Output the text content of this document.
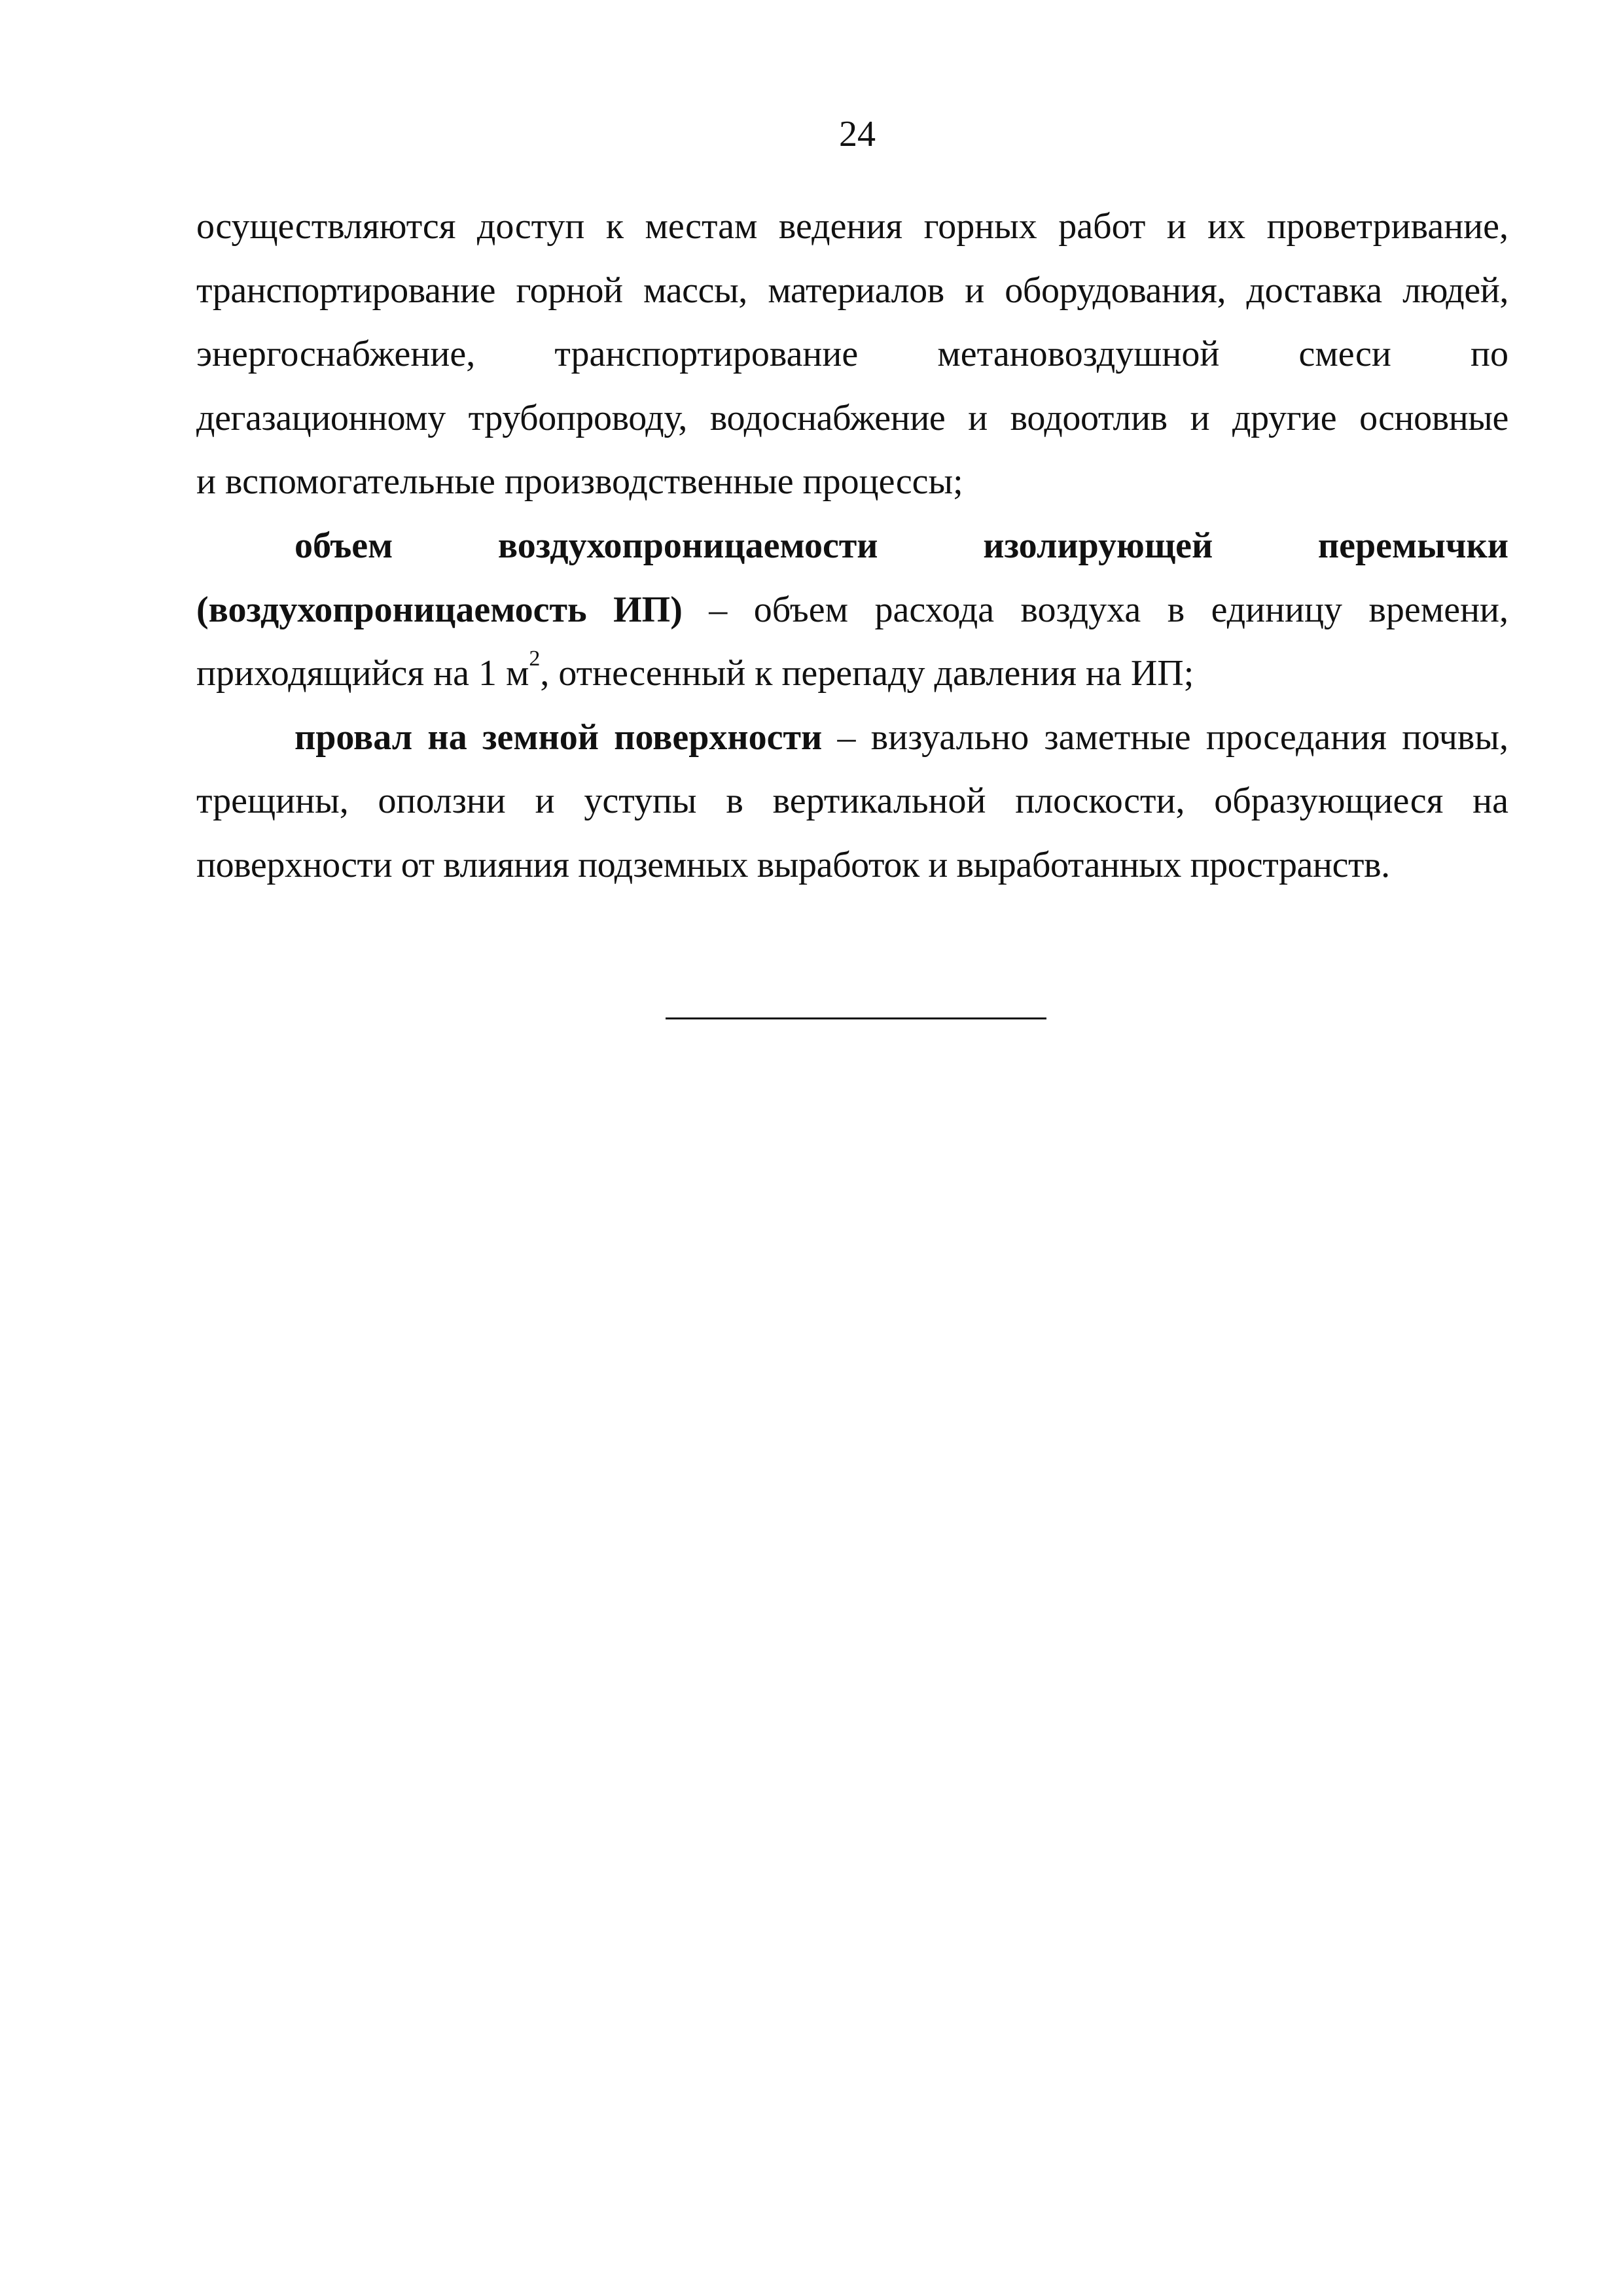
24

осуществляются доступ к местам ведения горных работ и их проветривание,
транспортирование горной массы, материалов и оборудования, доставка людей,
энергоснабжение, транспортирование метановоздушной смеси по
дегазационному трубопроводу, водоснабжение и водоотлив и другие основные
и вспомогательные производственные процессы;

объем воздухопроницаемости изолирующей перемычки
(воздухопроницаемость ИП) – объем расхода воздуха в единицу времени,
приходящийся на 1 $м^2$, отнесенный к перепаду давления на ИП;

провал на земной поверхности – визуально заметные проседания почвы,
трещины, оползни и уступы в вертикальной плоскости, образующиеся на
поверхности от влияния подземных выработок и выработанных пространств.
